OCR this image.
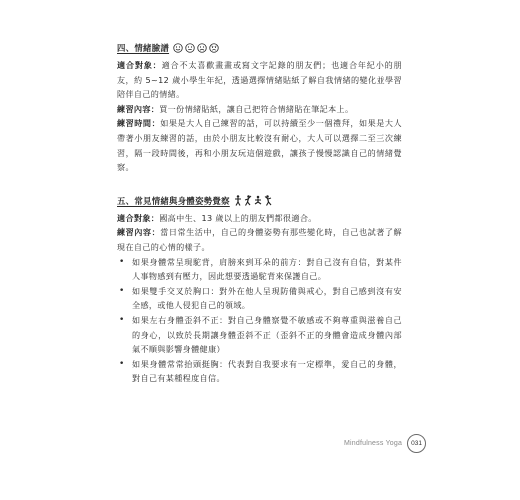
四、情緒臉譜

適合對象：適合不太喜歡畫畫或寫文字記錄的朋友們；也適合年紀小的朋友，約 5~12 歲小學生年紀，透過選擇情緒貼紙了解自我情緒的變化並學習陪伴自己的情緒。

練習內容：買一份情緒貼紙，讓自己把符合情緒貼在筆記本上。

練習時間：如果是大人自己練習的話，可以持續至少一個禮拜，如果是大人帶著小朋友練習的話，由於小朋友比較沒有耐心，大人可以選擇二至三次練習，隔一段時間後，再和小朋友玩這個遊戲，讓孩子慢慢認識自己的情緒覺察。

五、常見情緒與身體姿勢覺察

適合對象：國高中生、13 歲以上的朋友們都很適合。

練習內容：當日常生活中，自己的身體姿勢有那些變化時，自己也試著了解現在自己的心情的樣子。

• 如果身體常呈現駝背，肩膀來到耳朵的前方：對自己沒有自信，對某件人事物感到有壓力，因此想要透過駝背來保護自己。
• 如果雙手交叉於胸口：對外在他人呈現防備與戒心，對自己感到沒有安全感，或他人侵犯自己的領域。
• 如果左右身體歪斜不正：對自己身體察覺不敏感或不夠尊重與滋養自己的身心，以致於長期讓身體歪斜不正（歪斜不正的身體會造成身體內部氣不順與影響身體健康）
• 如果身體常常抬頭挺胸：代表對自我要求有一定標準，愛自己的身體，對自己有某種程度自信。
Mindfulness Yoga	031
